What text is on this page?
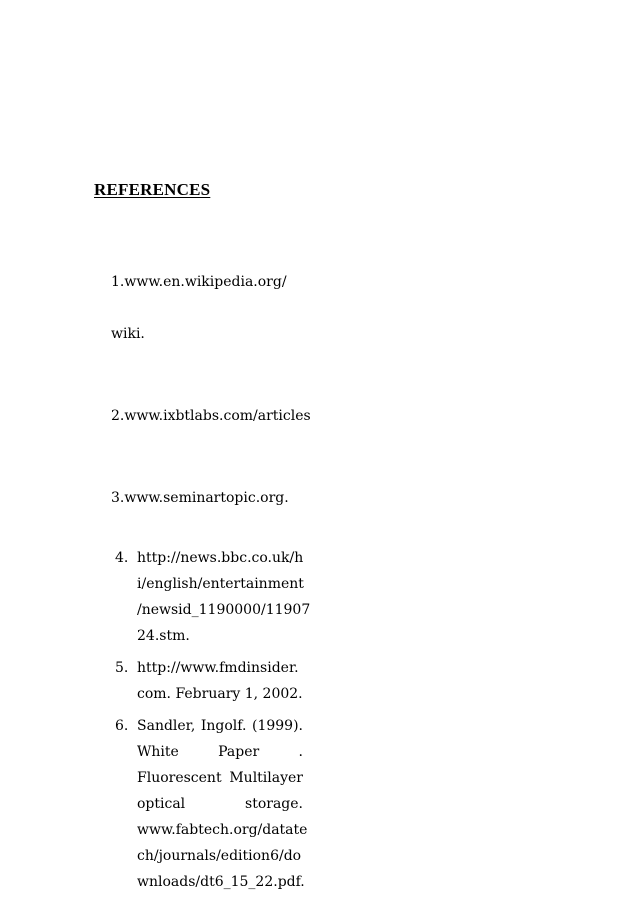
REFERENCES

1.www.en.wikipedia.org/

wiki.

2.www.ixbtlabs.com/articles

3.www.seminartopic.org.

4. http://news.bbc.co.uk/h
i/english/entertainment
/newsid_1190000/11907
24.stm.
5. http://www.fmdinsider.
com. February 1, 2002.
6. Sandler, Ingolf. (1999).
White	Paper	.
Fluorescent Multilayer
optical	storage.
www.fabtech.org/datate
ch/journals/edition6/do
wnloads/dt6_15_22.pdf.
